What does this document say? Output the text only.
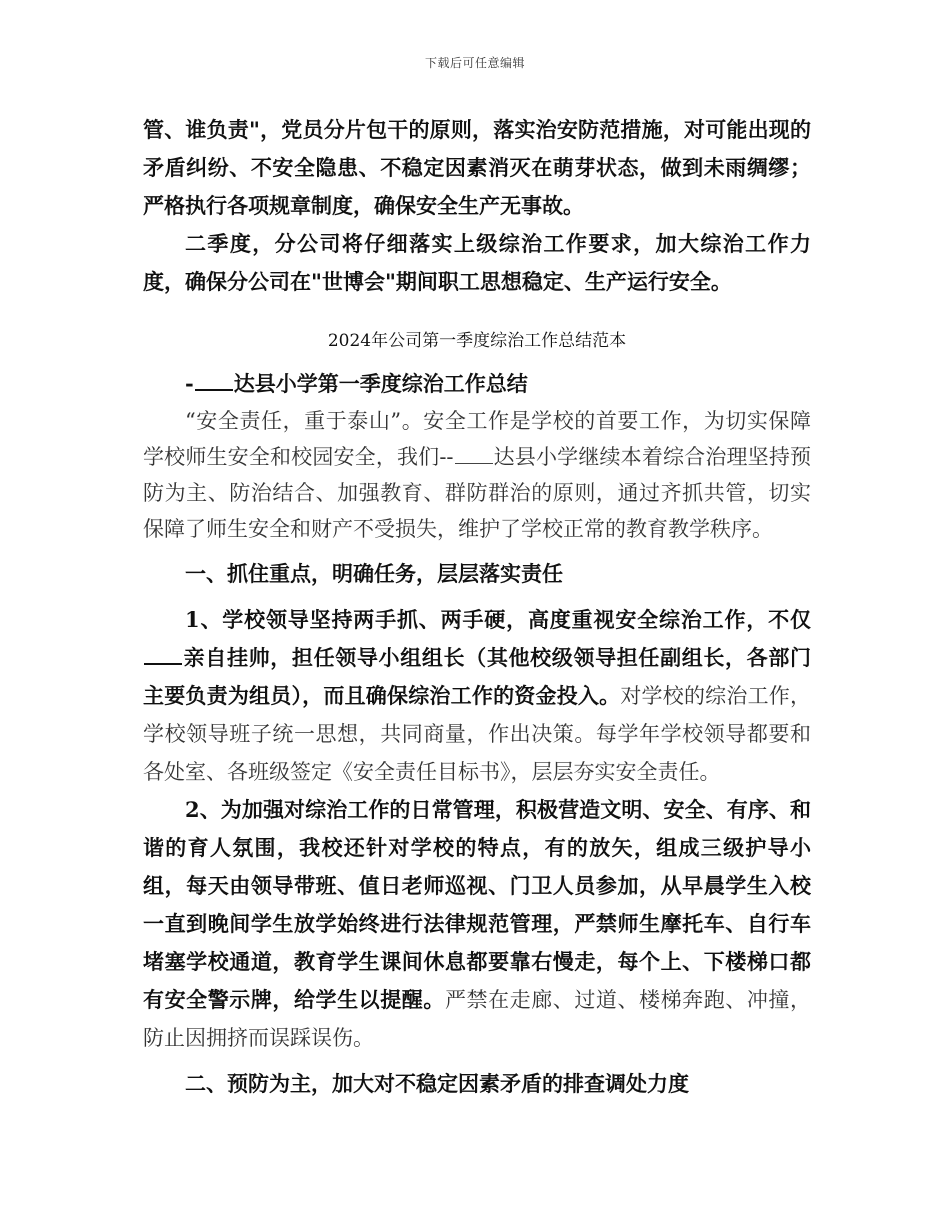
下载后可任意编辑

管、谁负责"，党员分片包干的原则，落实治安防范措施，对可能出现的矛盾纠纷、不安全隐患、不稳定因素消灭在萌芽状态，做到未雨绸缪；严格执行各项规章制度，确保安全生产无事故。

二季度，分公司将仔细落实上级综治工作要求，加大综治工作力度，确保分公司在"世博会"期间职工思想稳定、生产运行安全。

2024年公司第一季度综治工作总结范本

- 达县小学第一季度综治工作总结

“安全责任，重于泰山”。安全工作是学校的首要工作，为切实保障学校师生安全和校园安全，我们-- 达县小学继续本着综合治理坚持预防为主、防治结合、加强教育、群防群治的原则，通过齐抓共管，切实保障了师生安全和财产不受损失，维护了学校正常的教育教学秩序。

一、抓住重点，明确任务，层层落实责任

1、学校领导坚持两手抓、两手硬，高度重视安全综治工作，不仅亲自挂帅，担任领导小组组长（其他校级领导担任副组长，各部门主要负责为组员），而且确保综治工作的资金投入。对学校的综治工作，学校领导班子统一思想，共同商量，作出决策。每学年学校领导都要和各处室、各班级签定《安全责任目标书》，层层夯实安全责任。

2、为加强对综治工作的日常管理，积极营造文明、安全、有序、和谐的育人氛围，我校还针对学校的特点，有的放矢，组成三级护导小组，每天由领导带班、值日老师巡视、门卫人员参加，从早晨学生入校一直到晚间学生放学始终进行法律规范管理，严禁师生摩托车、自行车堵塞学校通道，教育学生课间休息都要靠右慢走，每个上、下楼梯口都有安全警示牌，给学生以提醒。严禁在走廊、过道、楼梯奔跑、冲撞，防止因拥挤而误踩误伤。

二、预防为主，加大对不稳定因素矛盾的排查调处力度
